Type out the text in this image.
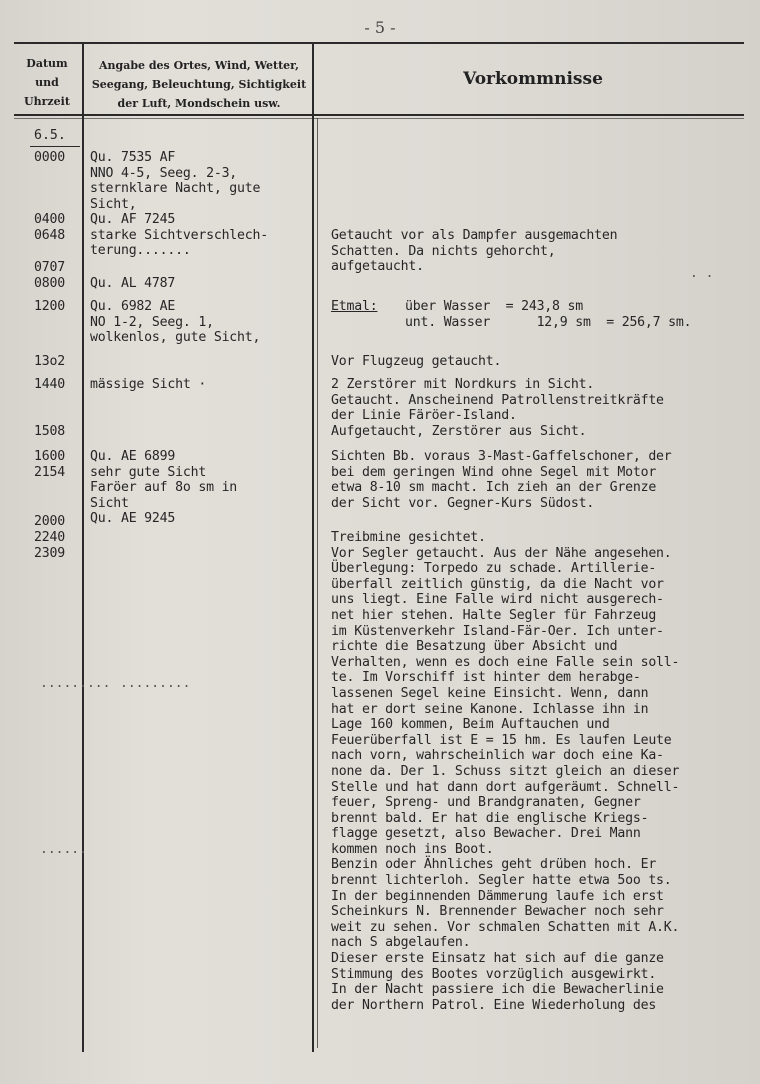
- 5 -
Datum
und
Uhrzeit
Angabe des Ortes, Wind, Wetter,
Seegang, Beleuchtung, Sichtigkeit
der Luft, Mondschein usw.
Vorkommnisse
6.5.
0000
0400
0648
0707
0800
1200
13o2
1440
1508
1600
2154
2000
2240
2309
Qu. 7535 AF
NNO 4-5, Seeg. 2-3,
sternklare Nacht, gute
Sicht,
Qu. AF 7245
starke Sichtverschlech-
terung.......
Qu. AL 4787
Qu. 6982 AE
NO 1-2, Seeg. 1,
wolkenlos, gute Sicht,
mässige Sicht ·
Qu. AE 6899
sehr gute Sicht
Faröer auf 8o sm in
Sicht
Qu. AE 9245
Getaucht vor als Dampfer ausgemachten
Schatten. Da nichts gehorcht,
aufgetaucht.
Etmal: über Wasser  = 243,8 sm
unt. Wasser      12,9 sm  = 256,7 sm.
Vor Flugzeug getaucht.
2 Zerstörer mit Nordkurs in Sicht.
Getaucht. Anscheinend Patrollenstreitkräfte
der Linie Färöer-Island.
Aufgetaucht, Zerstörer aus Sicht.
Sichten Bb. voraus 3-Mast-Gaffelschoner, der
bei dem geringen Wind ohne Segel mit Motor
etwa 8-10 sm macht. Ich zieh an der Grenze
der Sicht vor. Gegner-Kurs Südost.
Treibmine gesichtet.
Vor Segler getaucht. Aus der Nähe angesehen.
Überlegung: Torpedo zu schade. Artillerie-
überfall zeitlich günstig, da die Nacht vor
uns liegt. Eine Falle wird nicht ausgerech-
net hier stehen. Halte Segler für Fahrzeug
im Küstenverkehr Island-Fär-Oer. Ich unter-
richte die Besatzung über Absicht und
Verhalten, wenn es doch eine Falle sein soll-
te. Im Vorschiff ist hinter dem herabge-
lassenen Segel keine Einsicht. Wenn, dann
hat er dort seine Kanone. Ichlasse ihn in
Lage 160 kommen, Beim Auftauchen und
Feuerüberfall ist E = 15 hm. Es laufen Leute
nach vorn, wahrscheinlich war doch eine Ka-
none da. Der 1. Schuss sitzt gleich an dieser
Stelle und hat dann dort aufgeräumt. Schnell-
feuer, Spreng- und Brandgranaten, Gegner
brennt bald. Er hat die englische Kriegs-
flagge gesetzt, also Bewacher. Drei Mann
kommen noch ins Boot.
Benzin oder Ähnliches geht drüben hoch. Er
brennt lichterloh. Segler hatte etwa 5oo ts.
In der beginnenden Dämmerung laufe ich erst
Scheinkurs N. Brennender Bewacher noch sehr
weit zu sehen. Vor schmalen Schatten mit A.K.
nach S abgelaufen.
Dieser erste Einsatz hat sich auf die ganze
Stimmung des Bootes vorzüglich ausgewirkt.
In der Nacht passiere ich die Bewacherlinie
der Northern Patrol. Eine Wiederholung des
......... .........
......
. .
